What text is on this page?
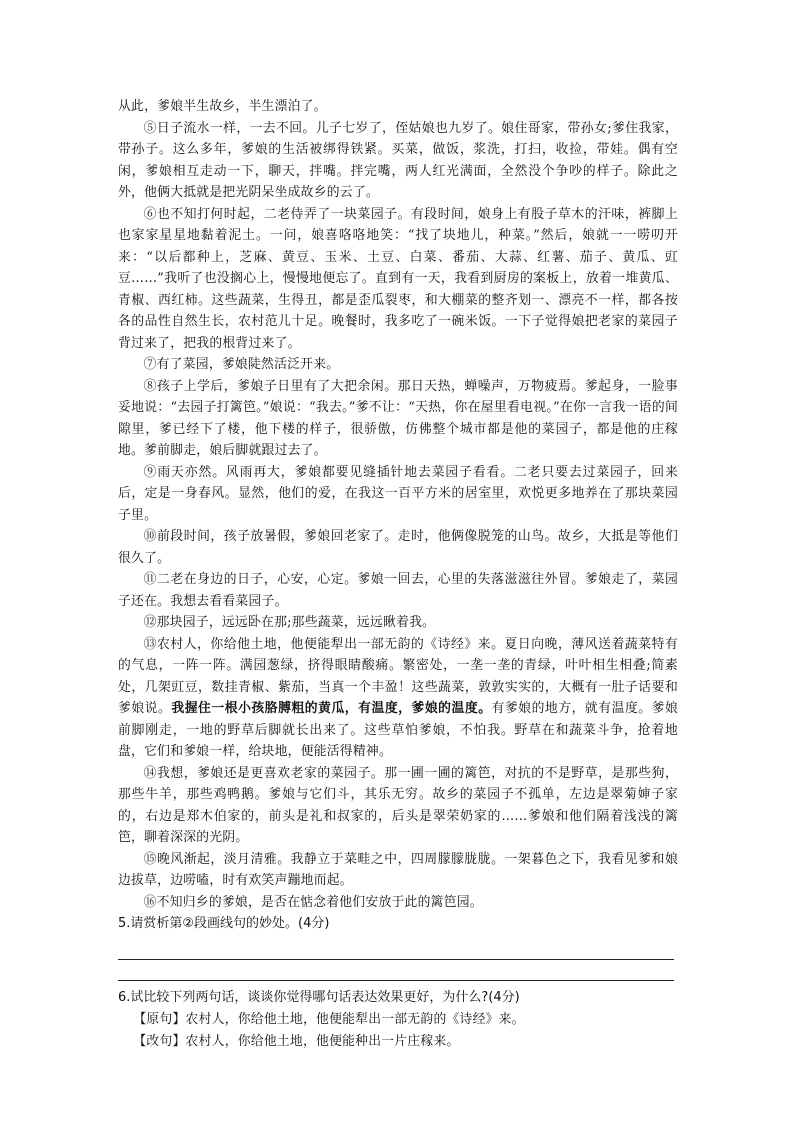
从此，爹娘半生故乡，半生漂泊了。

⑤日子流水一样，一去不回。儿子七岁了，侄姑娘也九岁了。娘住哥家，带孙女;爹住我家，带孙子。这么多年，爹娘的生活被绑得铁紧。买菜，做饭，浆洗，打扫，收捡，带娃。偶有空闲，爹娘相互走动一下，聊天，拌嘴。拌完嘴，两人红光满面，全然没个争吵的样子。除此之外，他俩大抵就是把光阴呆坐成故乡的云了。

⑥也不知打何时起，二老侍弄了一块菜园子。有段时间，娘身上有股子草木的汗味，裤脚上也家家星星地黏着泥土。一问，娘喜咯咯地笑：“找了块地儿，种菜。”然后，娘就一一唠叨开来：“以后都种上，芝麻、黄豆、玉米、土豆、白菜、番茄、大蒜、红薯、茄子、黄瓜、豇豆……”我听了也没搁心上，慢慢地便忘了。直到有一天，我看到厨房的案板上，放着一堆黄瓜、青椒、西红柿。这些蔬菜，生得丑，都是歪瓜裂枣，和大棚菜的整齐划一、漂亮不一样，都各按各的品性自然生长，农村范儿十足。晚餐时，我多吃了一碗米饭。一下子觉得娘把老家的菜园子背过来了，把我的根背过来了。

⑦有了菜园，爹娘陡然活泛开来。

⑧孩子上学后，爹娘子日里有了大把余闲。那日天热，蝉噪声，万物疲焉。爹起身，一脸事妥地说：“去园子打篱笆。”娘说：“我去。”爹不让：“天热，你在屋里看电视。”在你一言我一语的间隙里，爹已经下了楼，他下楼的样子，很骄傲，仿佛整个城市都是他的菜园子，都是他的庄稼地。爹前脚走，娘后脚就跟过去了。

⑨雨天亦然。风雨再大，爹娘都要见缝插针地去菜园子看看。二老只要去过菜园子，回来后，定是一身春风。显然，他们的爱，在我这一百平方米的居室里，欢悦更多地养在了那块菜园子里。

⑩前段时间，孩子放暑假，爹娘回老家了。走时，他俩像脱笼的山鸟。故乡，大抵是等他们很久了。

⑪二老在身边的日子，心安，心定。爹娘一回去，心里的失落滋滋往外冒。爹娘走了，菜园子还在。我想去看看菜园子。

⑫那块园子，远远卧在那;那些蔬菜，远远瞅着我。

⑬农村人，你给他土地，他便能犁出一部无韵的《诗经》来。夏日向晚，薄风送着蔬菜特有的气息，一阵一阵。满园葱绿，挤得眼睛酸痛。繁密处，一垄一垄的青绿，叶叶相生相叠;简素处，几架豇豆，数挂青椒、紫茄，当真一个丰盈！这些蔬菜，敦敦实实的，大概有一肚子话要和爹娘说。我握住一根小孩胳膊粗的黄瓜，有温度，爹娘的温度。有爹娘的地方，就有温度。爹娘前脚刚走，一地的野草后脚就长出来了。这些草怕爹娘，不怕我。野草在和蔬菜斗争，抢着地盘，它们和爹娘一样，给块地，便能活得精神。

⑭我想，爹娘还是更喜欢老家的菜园子。那一圃一圃的篱笆，对抗的不是野草，是那些狗，那些牛羊，那些鸡鸭鹅。爹娘与它们斗，其乐无穷。故乡的菜园子不孤单，左边是翠菊婶子家的，右边是郑木伯家的，前头是礼和叔家的，后头是翠荣奶家的……爹娘和他们隔着浅浅的篱笆，聊着深深的光阴。

⑮晚风渐起，淡月清雅。我静立于菜畦之中，四周朦朦胧胧。一架暮色之下，我看见爹和娘边拔草，边唠嗑，时有欢笑声蹦地而起。

⑯不知归乡的爹娘，是否在惦念着他们安放于此的篱笆园。

5.请赏析第②段画线句的妙处。(4分)

6.试比较下列两句话，谈谈你觉得哪句话表达效果更好，为什么?(4分)

【原句】农村人，你给他土地，他便能犁出一部无韵的《诗经》来。

【改句】农村人，你给他土地，他便能种出一片庄稼来。
